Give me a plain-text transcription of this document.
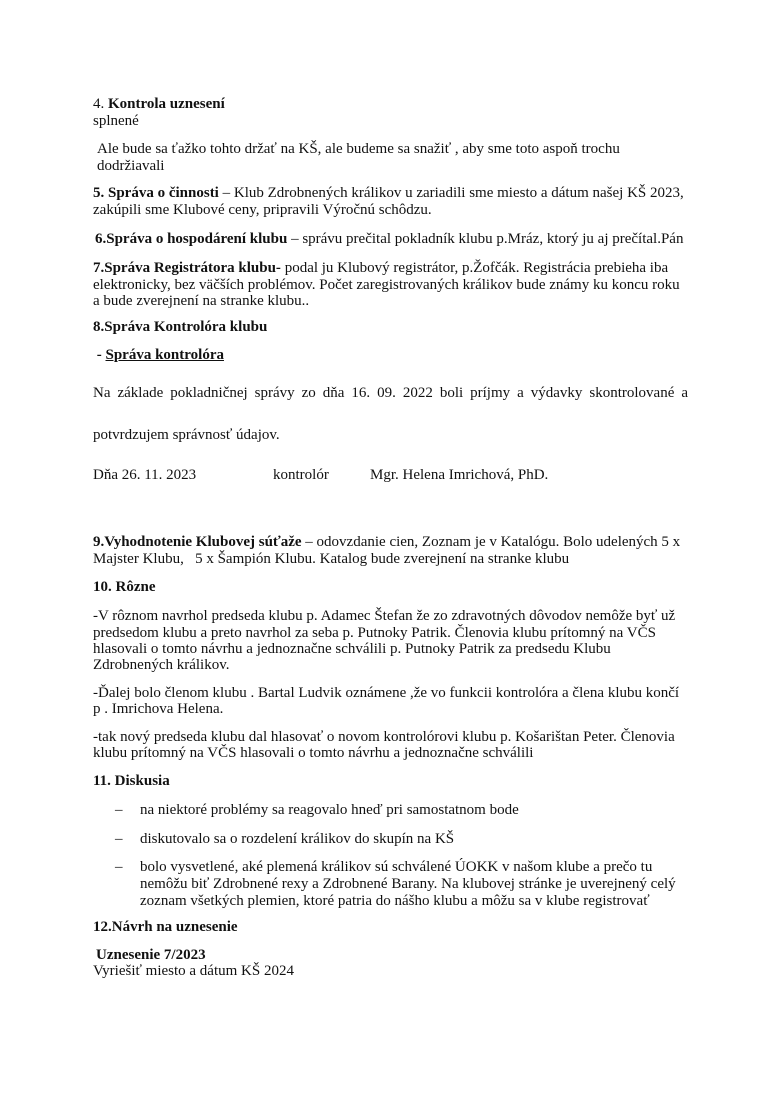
4. Kontrola uznesení
splnené
Ale bude sa ťažko tohto držať na KŠ, ale budeme sa snažiť , aby sme toto aspoň trochu
dodržiavali
5. Správa o činnosti – Klub Zdrobnených králikov u zariadili sme miesto a dátum našej KŠ 2023,
zakúpili sme Klubové ceny, pripravili Výročnú schôdzu.
6.Správa o hospodárení klubu – správu prečital pokladník klubu p.Mráz, ktorý ju aj prečítal.Pán
7.Správa Registrátora klubu- podal ju Klubový registrátor, p.Žofčák. Registrácia prebieha iba
elektronicky, bez väčších problémov. Počet zaregistrovaných králikov bude známy ku koncu roku
a bude zverejnení na stranke klubu..
8.Správa Kontrolóra klubu
- Správa kontrolóra
Na základe pokladničnej správy zo dňa 16. 09. 2022 boli príjmy a výdavky skontrolované a
potvrdzujem správnosť údajov.
Dňa 26. 11. 2023	kontrolór	Mgr. Helena Imrichová, PhD.
9.Vyhodnotenie Klubovej súťaže – odovzdanie cien, Zoznam je v Katalógu. Bolo udelených 5 x
Majster Klubu,   5 x Šampión Klubu. Katalog bude zverejnení na stranke klubu
10. Rôzne
-V rôznom navrhol predseda klubu p. Adamec Štefan že zo zdravotných dôvodov nemôže byť už
predsedom klubu a preto navrhol za seba p. Putnoky Patrik. Členovia klubu prítomný na VČS
hlasovali o tomto návrhu a jednoznačne schválili p. Putnoky Patrik za predsedu Klubu
Zdrobnených králikov.
-Ďalej bolo členom klubu . Bartal Ludvik oznámene ,že vo funkcii kontrolóra a člena klubu končí
p . Imrichova Helena.
-tak nový predseda klubu dal hlasovať o novom kontrolórovi klubu p. Košarištan Peter. Členovia
klubu prítomný na VČS hlasovali o tomto návrhu a jednoznačne schválili
11. Diskusia
– na niektoré problémy sa reagovalo hneď pri samostatnom bode
– diskutovalo sa o rozdelení králikov do skupín na KŠ
– bolo vysvetlené, aké plemená králikov sú schválené ÚOKK v našom klube a prečo tu
nemôžu biť Zdrobnené rexy a Zdrobnené Barany. Na klubovej stránke je uverejnený celý
zoznam všetkých plemien, ktoré patria do nášho klubu a môžu sa v klube registrovať
12.Návrh na uznesenie
Uznesenie 7/2023
Vyriešiť miesto a dátum KŠ 2024
